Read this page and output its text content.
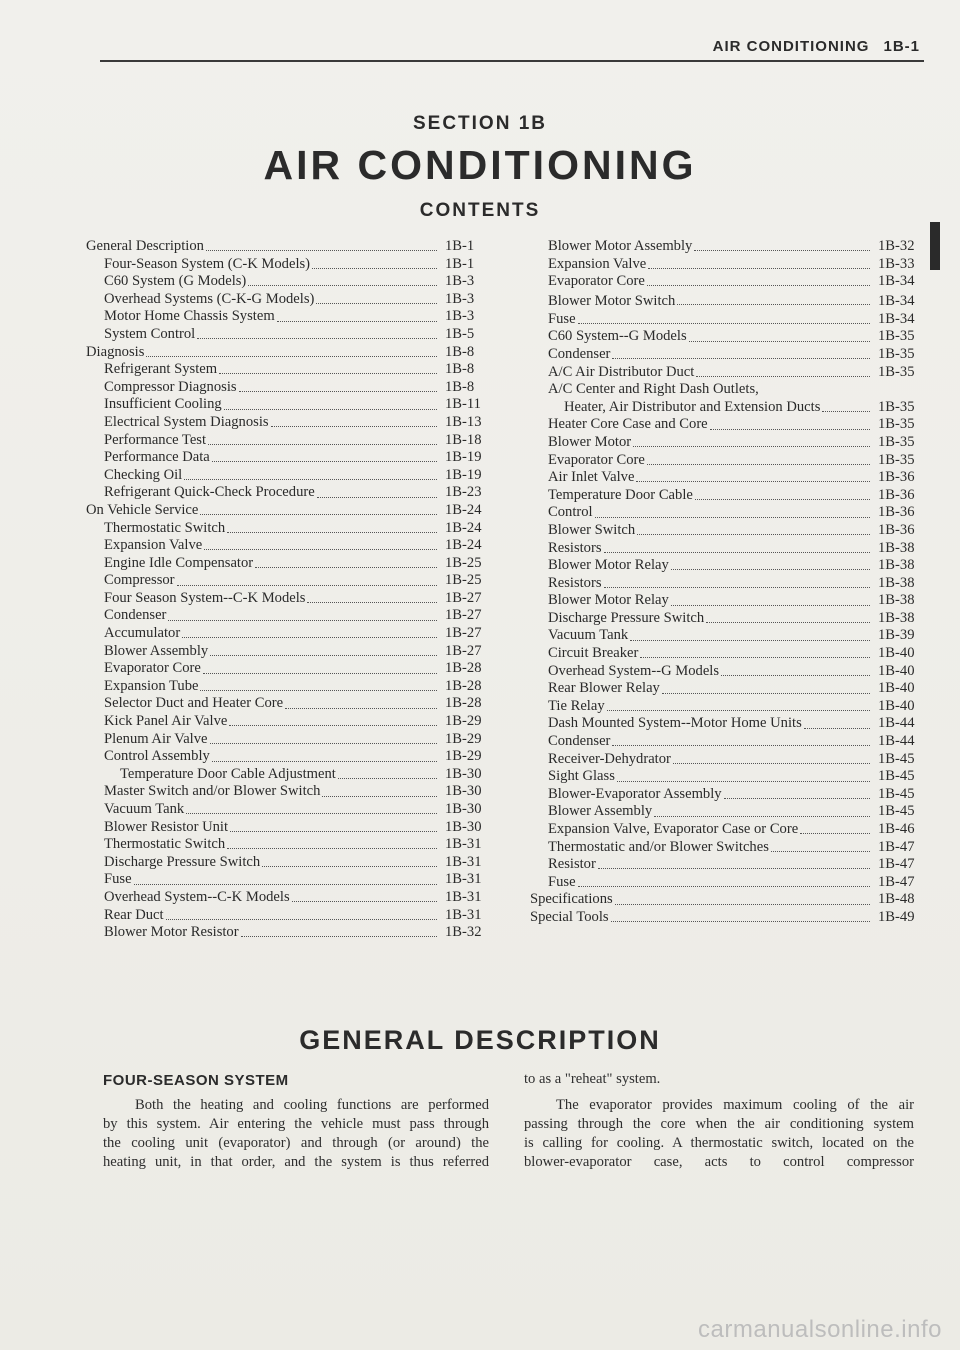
AIR CONDITIONING 1B-1
SECTION 1B
AIR CONDITIONING
CONTENTS
General Description	1B-1
Four-Season System (C-K Models)	1B-1
C60 System (G Models)	1B-3
Overhead Systems (C-K-G Models)	1B-3
Motor Home Chassis System	1B-3
System Control	1B-5
Diagnosis	1B-8
Refrigerant System	1B-8
Compressor Diagnosis	1B-8
Insufficient Cooling	1B-11
Electrical System Diagnosis	1B-13
Performance Test	1B-18
Performance Data	1B-19
Checking Oil	1B-19
Refrigerant Quick-Check Procedure	1B-23
On Vehicle Service	1B-24
Thermostatic Switch	1B-24
Expansion Valve	1B-24
Engine Idle Compensator	1B-25
Compressor	1B-25
Four Season System--C-K Models	1B-27
Condenser	1B-27
Accumulator	1B-27
Blower Assembly	1B-27
Evaporator Core	1B-28
Expansion Tube	1B-28
Selector Duct and Heater Core	1B-28
Kick Panel Air Valve	1B-29
Plenum Air Valve	1B-29
Control Assembly	1B-29
Temperature Door Cable Adjustment	1B-30
Master Switch and/or Blower Switch	1B-30
Vacuum Tank	1B-30
Blower Resistor Unit	1B-30
Thermostatic Switch	1B-31
Discharge Pressure Switch	1B-31
Fuse	1B-31
Overhead System--C-K Models	1B-31
Rear Duct	1B-31
Blower Motor Resistor	1B-32
Blower Motor Assembly	1B-32
Expansion Valve	1B-33
Evaporator Core	1B-34
Blower Motor Switch	1B-34
Fuse	1B-34
C60 System--G Models	1B-35
Condenser	1B-35
A/C Air Distributor Duct	1B-35
A/C Center and Right Dash Outlets,
Heater, Air Distributor and Extension Ducts	1B-35
Heater Core Case and Core	1B-35
Blower Motor	1B-35
Evaporator Core	1B-35
Air Inlet Valve	1B-36
Temperature Door Cable	1B-36
Control	1B-36
Blower Switch	1B-36
Resistors	1B-38
Blower Motor Relay	1B-38
Resistors	1B-38
Blower Motor Relay	1B-38
Discharge Pressure Switch	1B-38
Vacuum Tank	1B-39
Circuit Breaker	1B-40
Overhead System--G Models	1B-40
Rear Blower Relay	1B-40
Tie Relay	1B-40
Dash Mounted System--Motor Home Units	1B-44
Condenser	1B-44
Receiver-Dehydrator	1B-45
Sight Glass	1B-45
Blower-Evaporator Assembly	1B-45
Blower Assembly	1B-45
Expansion Valve, Evaporator Case or Core	1B-46
Thermostatic and/or Blower Switches	1B-47
Resistor	1B-47
Fuse	1B-47
Specifications	1B-48
Special Tools	1B-49
GENERAL DESCRIPTION
FOUR-SEASON SYSTEM
Both the heating and cooling functions are performed
by this system. Air entering the vehicle must pass through
the cooling unit (evaporator) and through (or around) the
heating unit, in that order, and the system is thus referred
to as a "reheat" system.
The evaporator provides maximum cooling of the air
passing through the core when the air conditioning system
is calling for cooling. A thermostatic switch, located on the
blower-evaporator case, acts to control compressor
carmanualsonline.info
